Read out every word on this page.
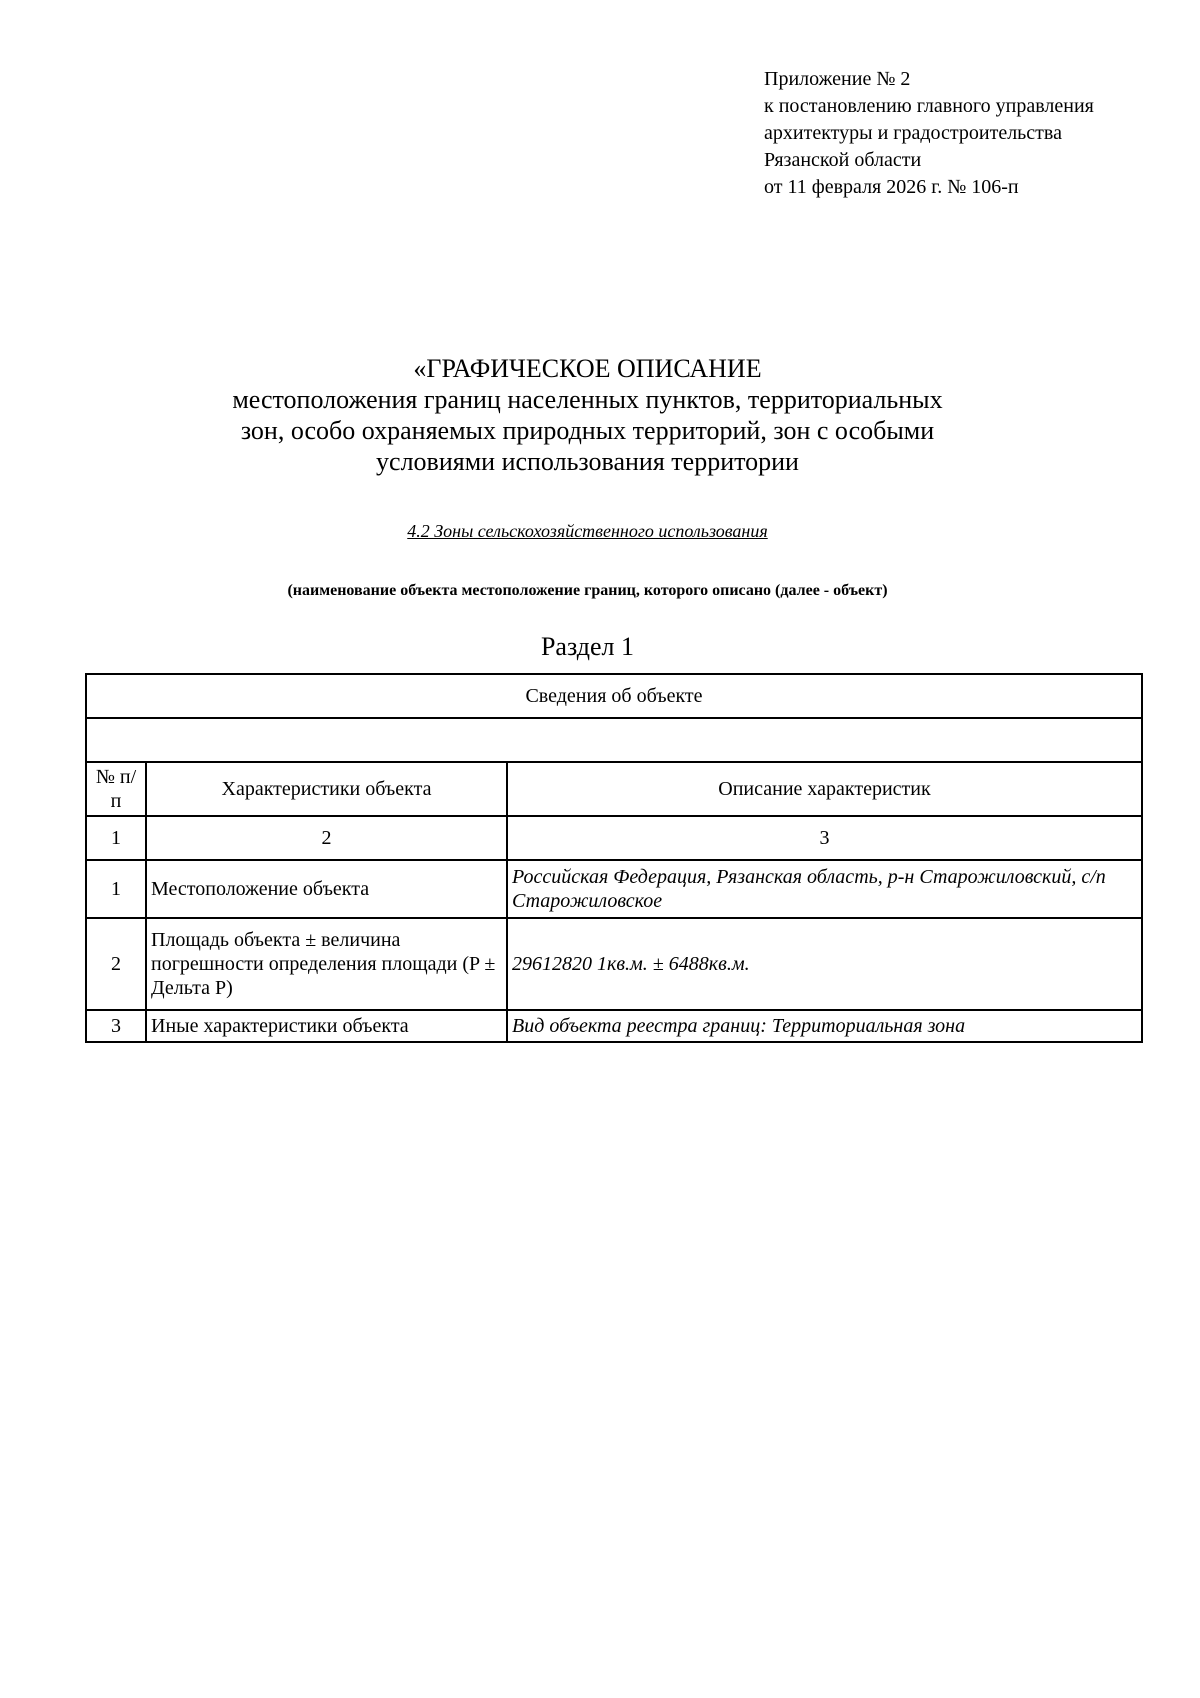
Приложение № 2
к постановлению главного управления
архитектуры и градостроительства
Рязанской области
от 11 февраля 2026 г. № 106-п
«ГРАФИЧЕСКОЕ ОПИСАНИЕ
местоположения границ населенных пунктов, территориальных
зон, особо охраняемых природных территорий, зон с особыми
условиями использования территории
4.2 Зоны сельскохозяйственного использования
(наименование объекта местоположение границ, которого описано (далее - объект)
Раздел 1
Сведения об объекте		

№ п/п	Характеристики объекта	Описание характеристик
1	2	3
1	Местоположение объекта	Российская Федерация, Рязанская область, р-н Старожиловский, с/п Старожиловское
2	Площадь объекта ± величина погрешности определения площади (P ± Дельта P)	29612820 1кв.м. ± 6488кв.м.
3	Иные характеристики объекта	Вид объекта реестра границ: Территориальная зона
